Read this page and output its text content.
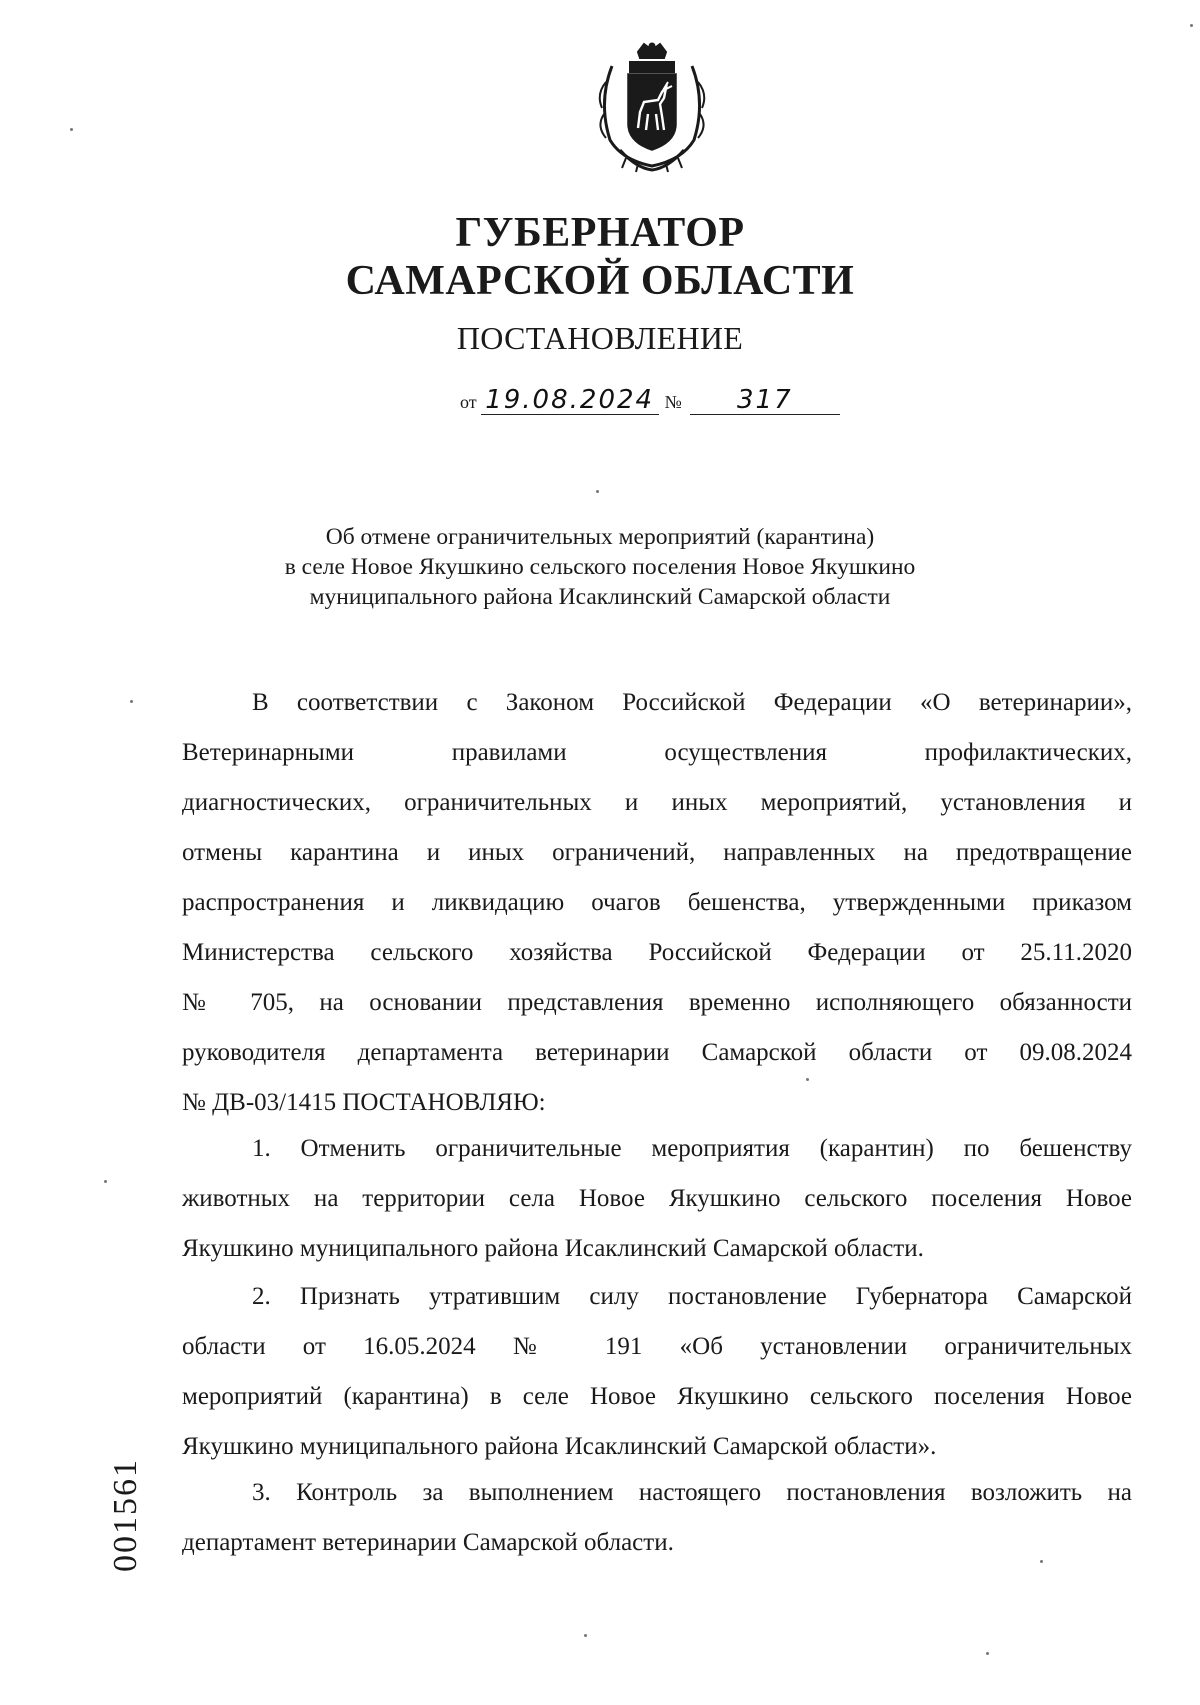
ГУБЕРНАТОР
САМАРСКОЙ ОБЛАСТИ
ПОСТАНОВЛЕНИЕ
от 19.08.2024 № 317
Об отмене ограничительных мероприятий (карантина)
в селе Новое Якушкино сельского поселения Новое Якушкино
муниципального района Исаклинский Самарской области
В соответствии с Законом Российской Федерации «О ветеринарии»,
Ветеринарными правилами осуществления профилактических,
диагностических, ограничительных и иных мероприятий, установления и
отмены карантина и иных ограничений, направленных на предотвращение
распространения и ликвидацию очагов бешенства, утвержденными приказом
Министерства сельского хозяйства Российской Федерации от 25.11.2020
№ 705, на основании представления временно исполняющего обязанности
руководителя департамента ветеринарии Самарской области от 09.08.2024
№ ДВ-03/1415 ПОСТАНОВЛЯЮ:
1. Отменить ограничительные мероприятия (карантин) по бешенству
животных на территории села Новое Якушкино сельского поселения Новое
Якушкино муниципального района Исаклинский Самарской области.
2. Признать утратившим силу постановление Губернатора Самарской
области от 16.05.2024 № 191 «Об установлении ограничительных
мероприятий (карантина) в селе Новое Якушкино сельского поселения Новое
Якушкино муниципального района Исаклинский Самарской области».
3. Контроль за выполнением настоящего постановления возложить на
департамент ветеринарии Самарской области.
001561
